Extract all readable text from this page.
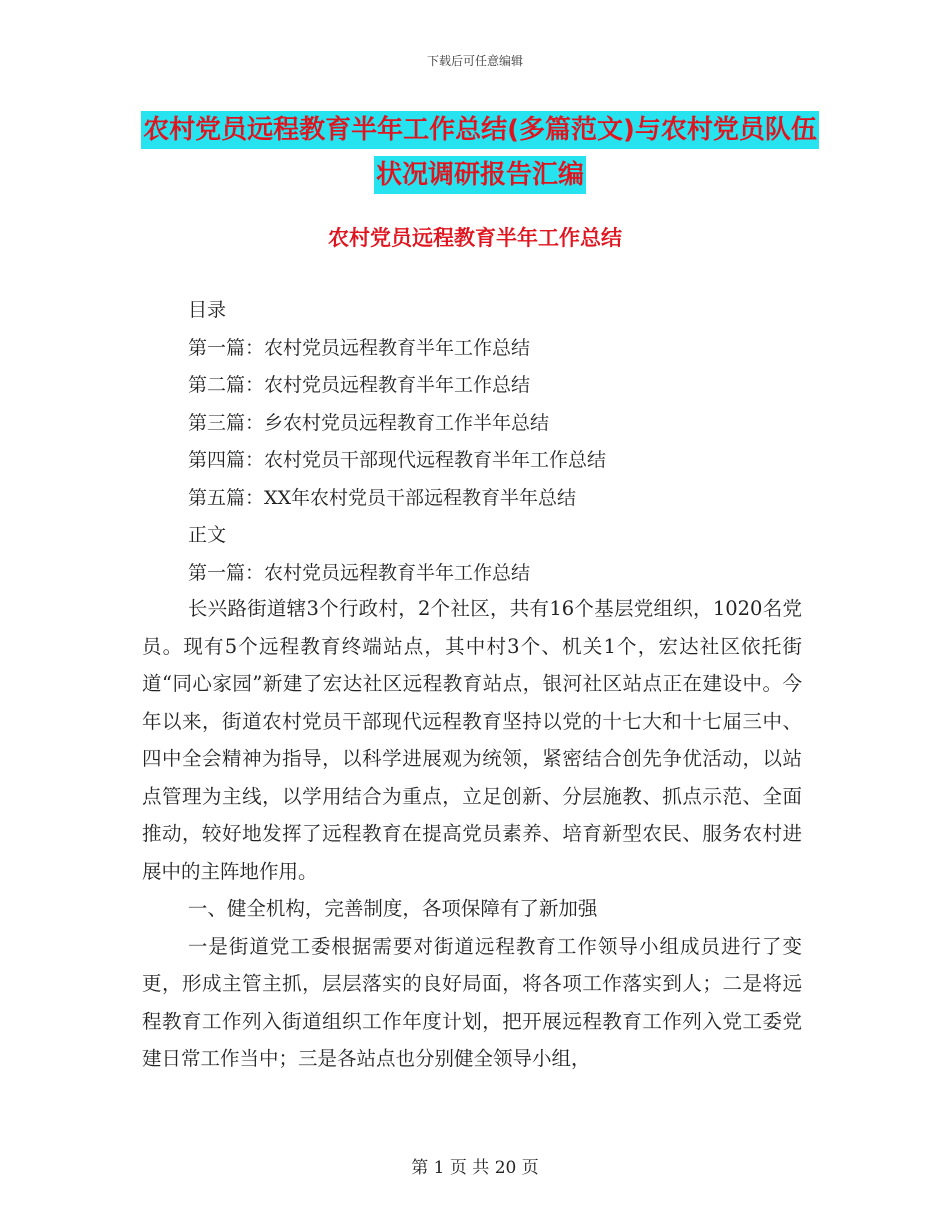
下载后可任意编辑
农村党员远程教育半年工作总结(多篇范文)与农村党员队伍状况调研报告汇编
农村党员远程教育半年工作总结
目录
第一篇：农村党员远程教育半年工作总结
第二篇：农村党员远程教育半年工作总结
第三篇：乡农村党员远程教育工作半年总结
第四篇：农村党员干部现代远程教育半年工作总结
第五篇：XX年农村党员干部远程教育半年总结
正文
第一篇：农村党员远程教育半年工作总结

长兴路街道辖3个行政村，2个社区，共有16个基层党组织，1020名党员。现有5个远程教育终端站点，其中村3个、机关1个，宏达社区依托街道“同心家园”新建了宏达社区远程教育站点，银河社区站点正在建设中。今年以来，街道农村党员干部现代远程教育坚持以党的十七大和十七届三中、四中全会精神为指导，以科学进展观为统领，紧密结合创先争优活动，以站点管理为主线，以学用结合为重点，立足创新、分层施教、抓点示范、全面推动，较好地发挥了远程教育在提高党员素养、培育新型农民、服务农村进展中的主阵地作用。

一、健全机构，完善制度，各项保障有了新加强

一是街道党工委根据需要对街道远程教育工作领导小组成员进行了变更，形成主管主抓，层层落实的良好局面，将各项工作落实到人；二是将远程教育工作列入街道组织工作年度计划，把开展远程教育工作列入党工委党建日常工作当中；三是各站点也分别健全领导小组，

第 1 页 共 20 页
